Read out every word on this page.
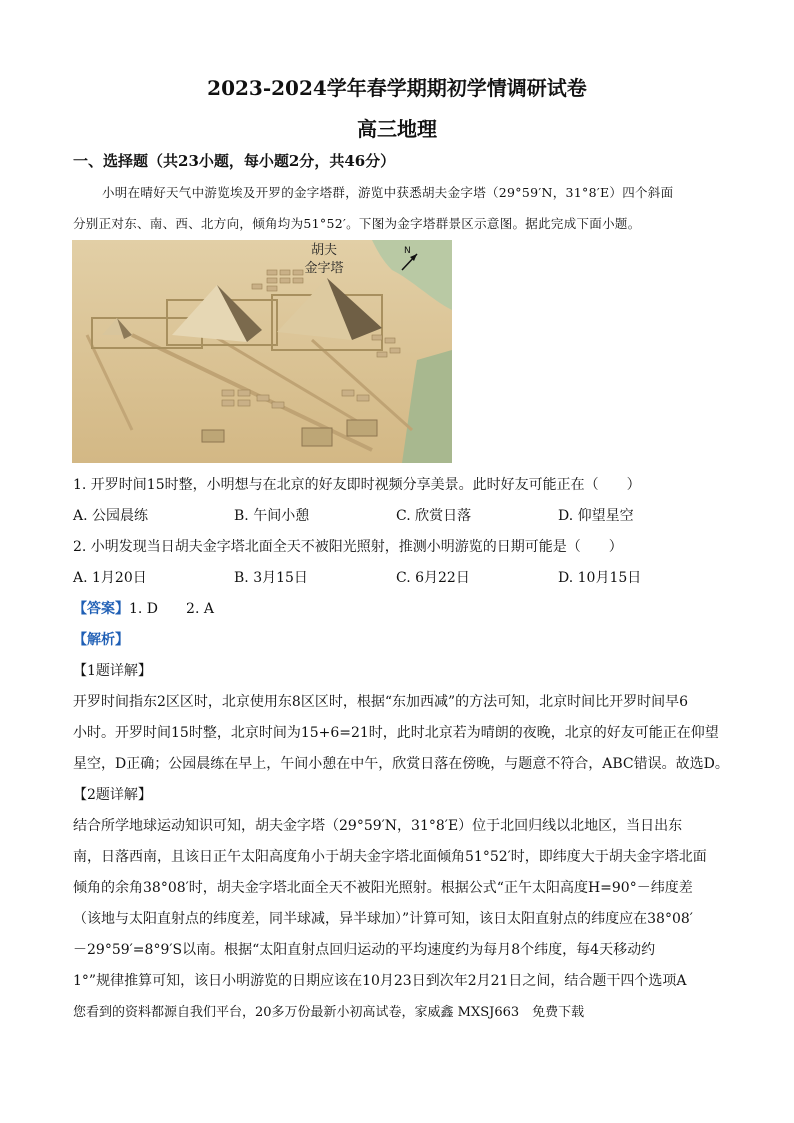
2023-2024学年春学期期初学情调研试卷
高三地理
一、选择题（共23小题，每小题2分，共46分）
小明在晴好天气中游览埃及开罗的金字塔群，游览中获悉胡夫金字塔（29°59′N，31°8′E）四个斜面
分别正对东、南、西、北方向，倾角均为51°52′。下图为金字塔群景区示意图。据此完成下面小题。
胡夫
金字塔
N
1. 开罗时间15时整，小明想与在北京的好友即时视频分享美景。此时好友可能正在（　　）
A. 公园晨练	B. 午间小憩	C. 欣赏日落	D. 仰望星空
2. 小明发现当日胡夫金字塔北面全天不被阳光照射，推测小明游览的日期可能是（　　）
A. 1月20日	B. 3月15日	C. 6月22日	D. 10月15日
【答案】1. D　　2. A
【解析】
【1题详解】
开罗时间指东2区区时，北京使用东8区区时，根据“东加西减”的方法可知，北京时间比开罗时间早6
小时。开罗时间15时整，北京时间为15+6=21时，此时北京若为晴朗的夜晚，北京的好友可能正在仰望
星空，D正确；公园晨练在早上，午间小憩在中午，欣赏日落在傍晚，与题意不符合，ABC错误。故选D。
【2题详解】
结合所学地球运动知识可知，胡夫金字塔（29°59′N，31°8′E）位于北回归线以北地区，当日出东
南，日落西南，且该日正午太阳高度角小于胡夫金字塔北面倾角51°52′时，即纬度大于胡夫金字塔北面
倾角的余角38°08′时，胡夫金字塔北面全天不被阳光照射。根据公式“正午太阳高度H=90°－纬度差
（该地与太阳直射点的纬度差，同半球减，异半球加）”计算可知，该日太阳直射点的纬度应在38°08′
－29°59′=8°9′S以南。根据“太阳直射点回归运动的平均速度约为每月8个纬度，每4天移动约
1°”规律推算可知，该日小明游览的日期应该在10月23日到次年2月21日之间，结合题干四个选项A
您看到的资料都源自我们平台，20多万份最新小初高试卷，家威鑫 MXSJ663　免费下载
